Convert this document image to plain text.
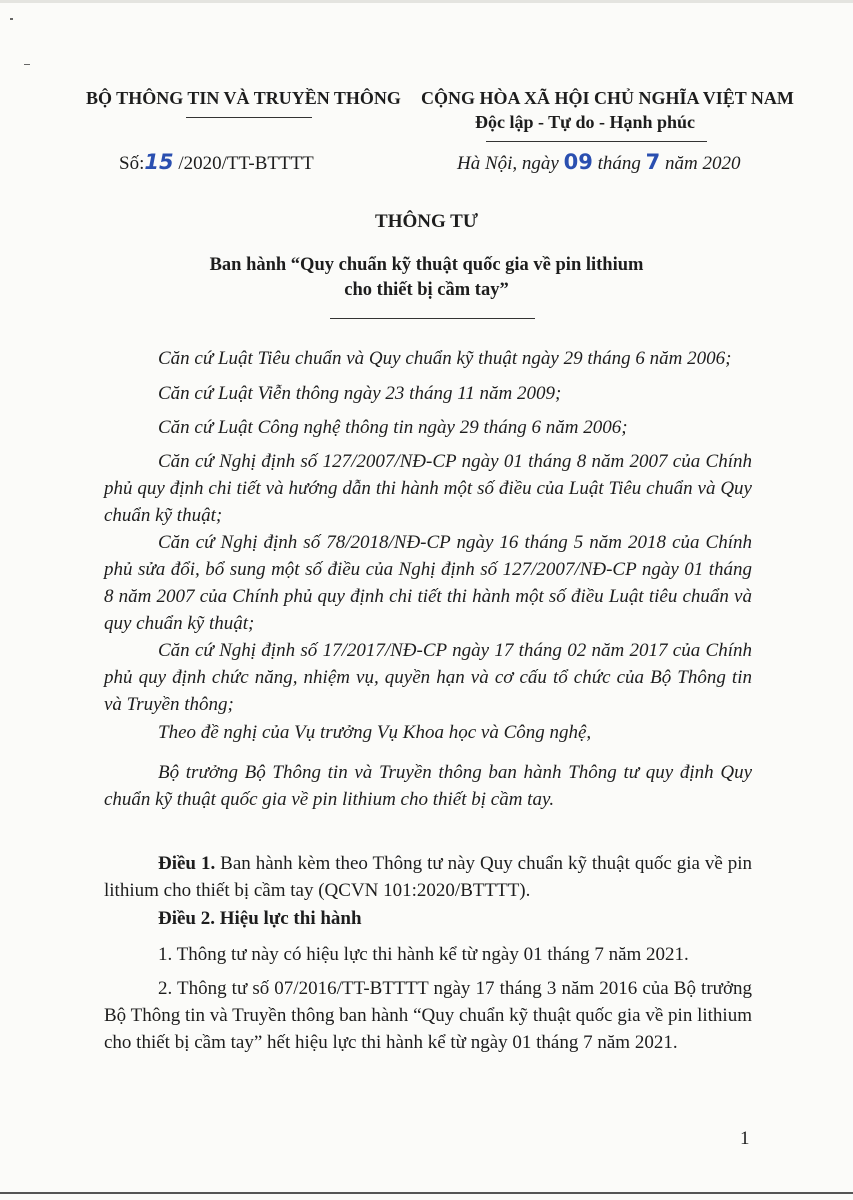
BỘ THÔNG TIN VÀ TRUYỀN THÔNG CỘNG HÒA XÃ HỘI CHỦ NGHĨA VIỆT NAM
Độc lập - Tự do - Hạnh phúc
Số:15 /2020/TT-BTTTT	Hà Nội, ngày 09 tháng 7 năm 2020
THÔNG TƯ
Ban hành “Quy chuẩn kỹ thuật quốc gia về pin lithium
cho thiết bị cầm tay”
Căn cứ Luật Tiêu chuẩn và Quy chuẩn kỹ thuật ngày 29 tháng 6 năm 2006;
Căn cứ Luật Viễn thông ngày 23 tháng 11 năm 2009;
Căn cứ Luật Công nghệ thông tin ngày 29 tháng 6 năm 2006;
Căn cứ Nghị định số 127/2007/NĐ-CP ngày 01 tháng 8 năm 2007 của Chính phủ quy định chi tiết và hướng dẫn thi hành một số điều của Luật Tiêu chuẩn và Quy chuẩn kỹ thuật;
Căn cứ Nghị định số 78/2018/NĐ-CP ngày 16 tháng 5 năm 2018 của Chính phủ sửa đổi, bổ sung một số điều của Nghị định số 127/2007/NĐ-CP ngày 01 tháng 8 năm 2007 của Chính phủ quy định chi tiết thi hành một số điều Luật tiêu chuẩn và quy chuẩn kỹ thuật;
Căn cứ Nghị định số 17/2017/NĐ-CP ngày 17 tháng 02 năm 2017 của Chính phủ quy định chức năng, nhiệm vụ, quyền hạn và cơ cấu tổ chức của Bộ Thông tin và Truyền thông;
Theo đề nghị của Vụ trưởng Vụ Khoa học và Công nghệ,
Bộ trưởng Bộ Thông tin và Truyền thông ban hành Thông tư quy định Quy chuẩn kỹ thuật quốc gia về pin lithium cho thiết bị cầm tay.
Điều 1. Ban hành kèm theo Thông tư này Quy chuẩn kỹ thuật quốc gia về pin lithium cho thiết bị cầm tay (QCVN 101:2020/BTTTT).
Điều 2. Hiệu lực thi hành
1. Thông tư này có hiệu lực thi hành kể từ ngày 01 tháng 7 năm 2021.
2. Thông tư số 07/2016/TT-BTTTT ngày 17 tháng 3 năm 2016 của Bộ trưởng Bộ Thông tin và Truyền thông ban hành “Quy chuẩn kỹ thuật quốc gia về pin lithium cho thiết bị cầm tay” hết hiệu lực thi hành kể từ ngày 01 tháng 7 năm 2021.
1
